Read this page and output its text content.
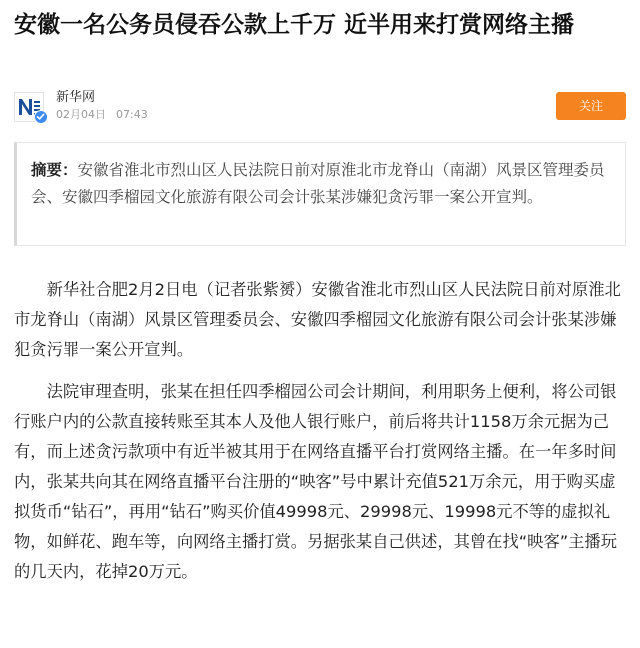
安徽一名公务员侵吞公款上千万 近半用来打赏网络主播
新华网
02月04日 07:43
关注
摘要：安徽省淮北市烈山区人民法院日前对原淮北市龙脊山（南湖）风景区管理委员会、安徽四季榴园文化旅游有限公司会计张某涉嫌犯贪污罪一案公开宣判。

新华社合肥2月2日电（记者张紫赟）安徽省淮北市烈山区人民法院日前对原淮北市龙脊山（南湖）风景区管理委员会、安徽四季榴园文化旅游有限公司会计张某涉嫌犯贪污罪一案公开宣判。

法院审理查明，张某在担任四季榴园公司会计期间，利用职务上便利，将公司银行账户内的公款直接转账至其本人及他人银行账户，前后将共计1158万余元据为己有，而上述贪污款项中有近半被其用于在网络直播平台打赏网络主播。在一年多时间内，张某共向其在网络直播平台注册的“映客”号中累计充值521万余元，用于购买虚拟货币“钻石”，再用“钻石”购买价值49998元、29998元、19998元不等的虚拟礼物，如鲜花、跑车等，向网络主播打赏。另据张某自己供述，其曾在找“映客”主播玩的几天内，花掉20万元。
